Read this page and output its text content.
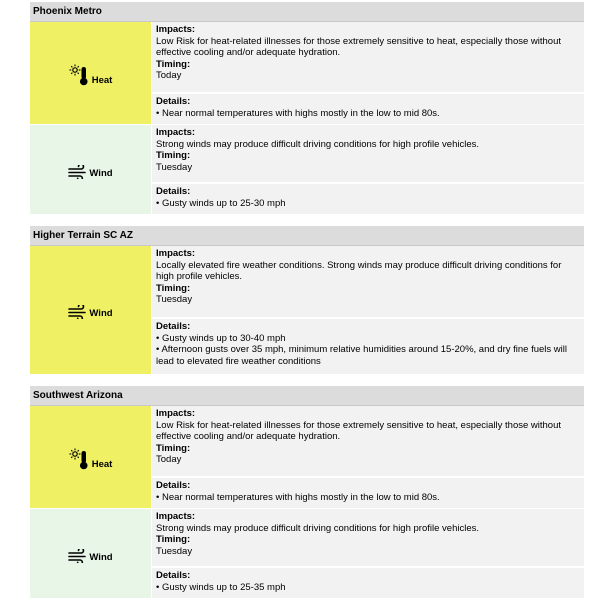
Phoenix Metro
Heat
Impacts:
Low Risk for heat-related illnesses for those extremely sensitive to heat, especially those without effective cooling and/or adequate hydration.
Timing:
Today
Details:
• Near normal temperatures with highs mostly in the low to mid 80s.
Wind
Impacts:
Strong winds may produce difficult driving conditions for high profile vehicles.
Timing:
Tuesday
Details:
• Gusty winds up to 25-30 mph
Higher Terrain SC AZ
Wind
Impacts:
Locally elevated fire weather conditions. Strong winds may produce difficult driving conditions for high profile vehicles.
Timing:
Tuesday
Details:
• Gusty winds up to 30-40 mph
• Afternoon gusts over 35 mph, minimum relative humidities around 15-20%, and dry fine fuels will lead to elevated fire weather conditions
Southwest Arizona
Heat
Impacts:
Low Risk for heat-related illnesses for those extremely sensitive to heat, especially those without effective cooling and/or adequate hydration.
Timing:
Today
Details:
• Near normal temperatures with highs mostly in the low to mid 80s.
Wind
Impacts:
Strong winds may produce difficult driving conditions for high profile vehicles.
Timing:
Tuesday
Details:
• Gusty winds up to 25-35 mph
